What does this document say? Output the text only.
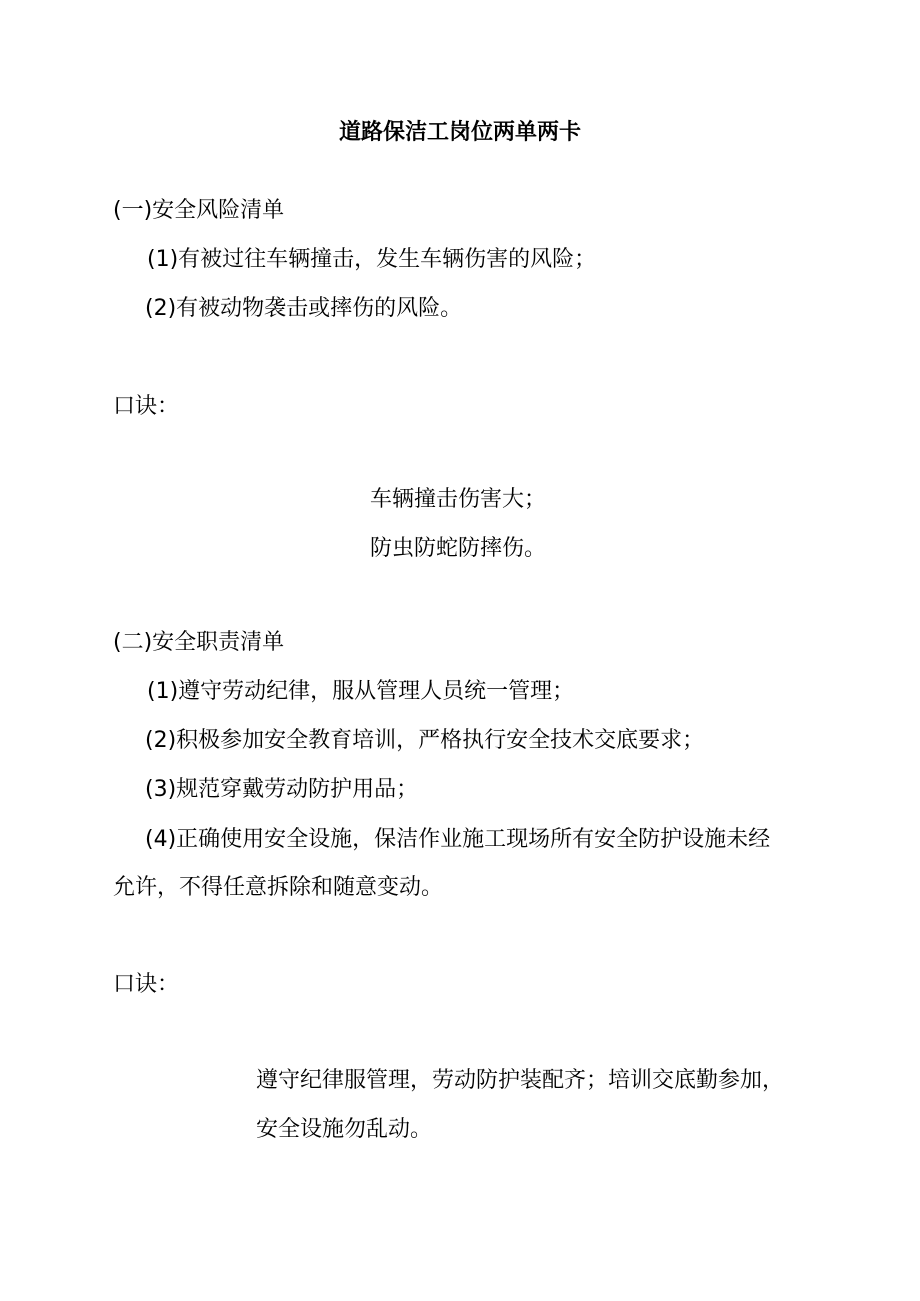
道路保洁工岗位两单两卡
(一)安全风险清单
(1)有被过往车辆撞击，发生车辆伤害的风险；
(2)有被动物袭击或摔伤的风险。
口诀：
车辆撞击伤害大；
防虫防蛇防摔伤。
(二)安全职责清单
(1)遵守劳动纪律，服从管理人员统一管理；
(2)积极参加安全教育培训，严格执行安全技术交底要求；
(3)规范穿戴劳动防护用品；
(4)正确使用安全设施，保洁作业施工现场所有安全防护设施未经
允许，不得任意拆除和随意变动。
口诀：
遵守纪律服管理，劳动防护装配齐；培训交底勤参加，
安全设施勿乱动。
